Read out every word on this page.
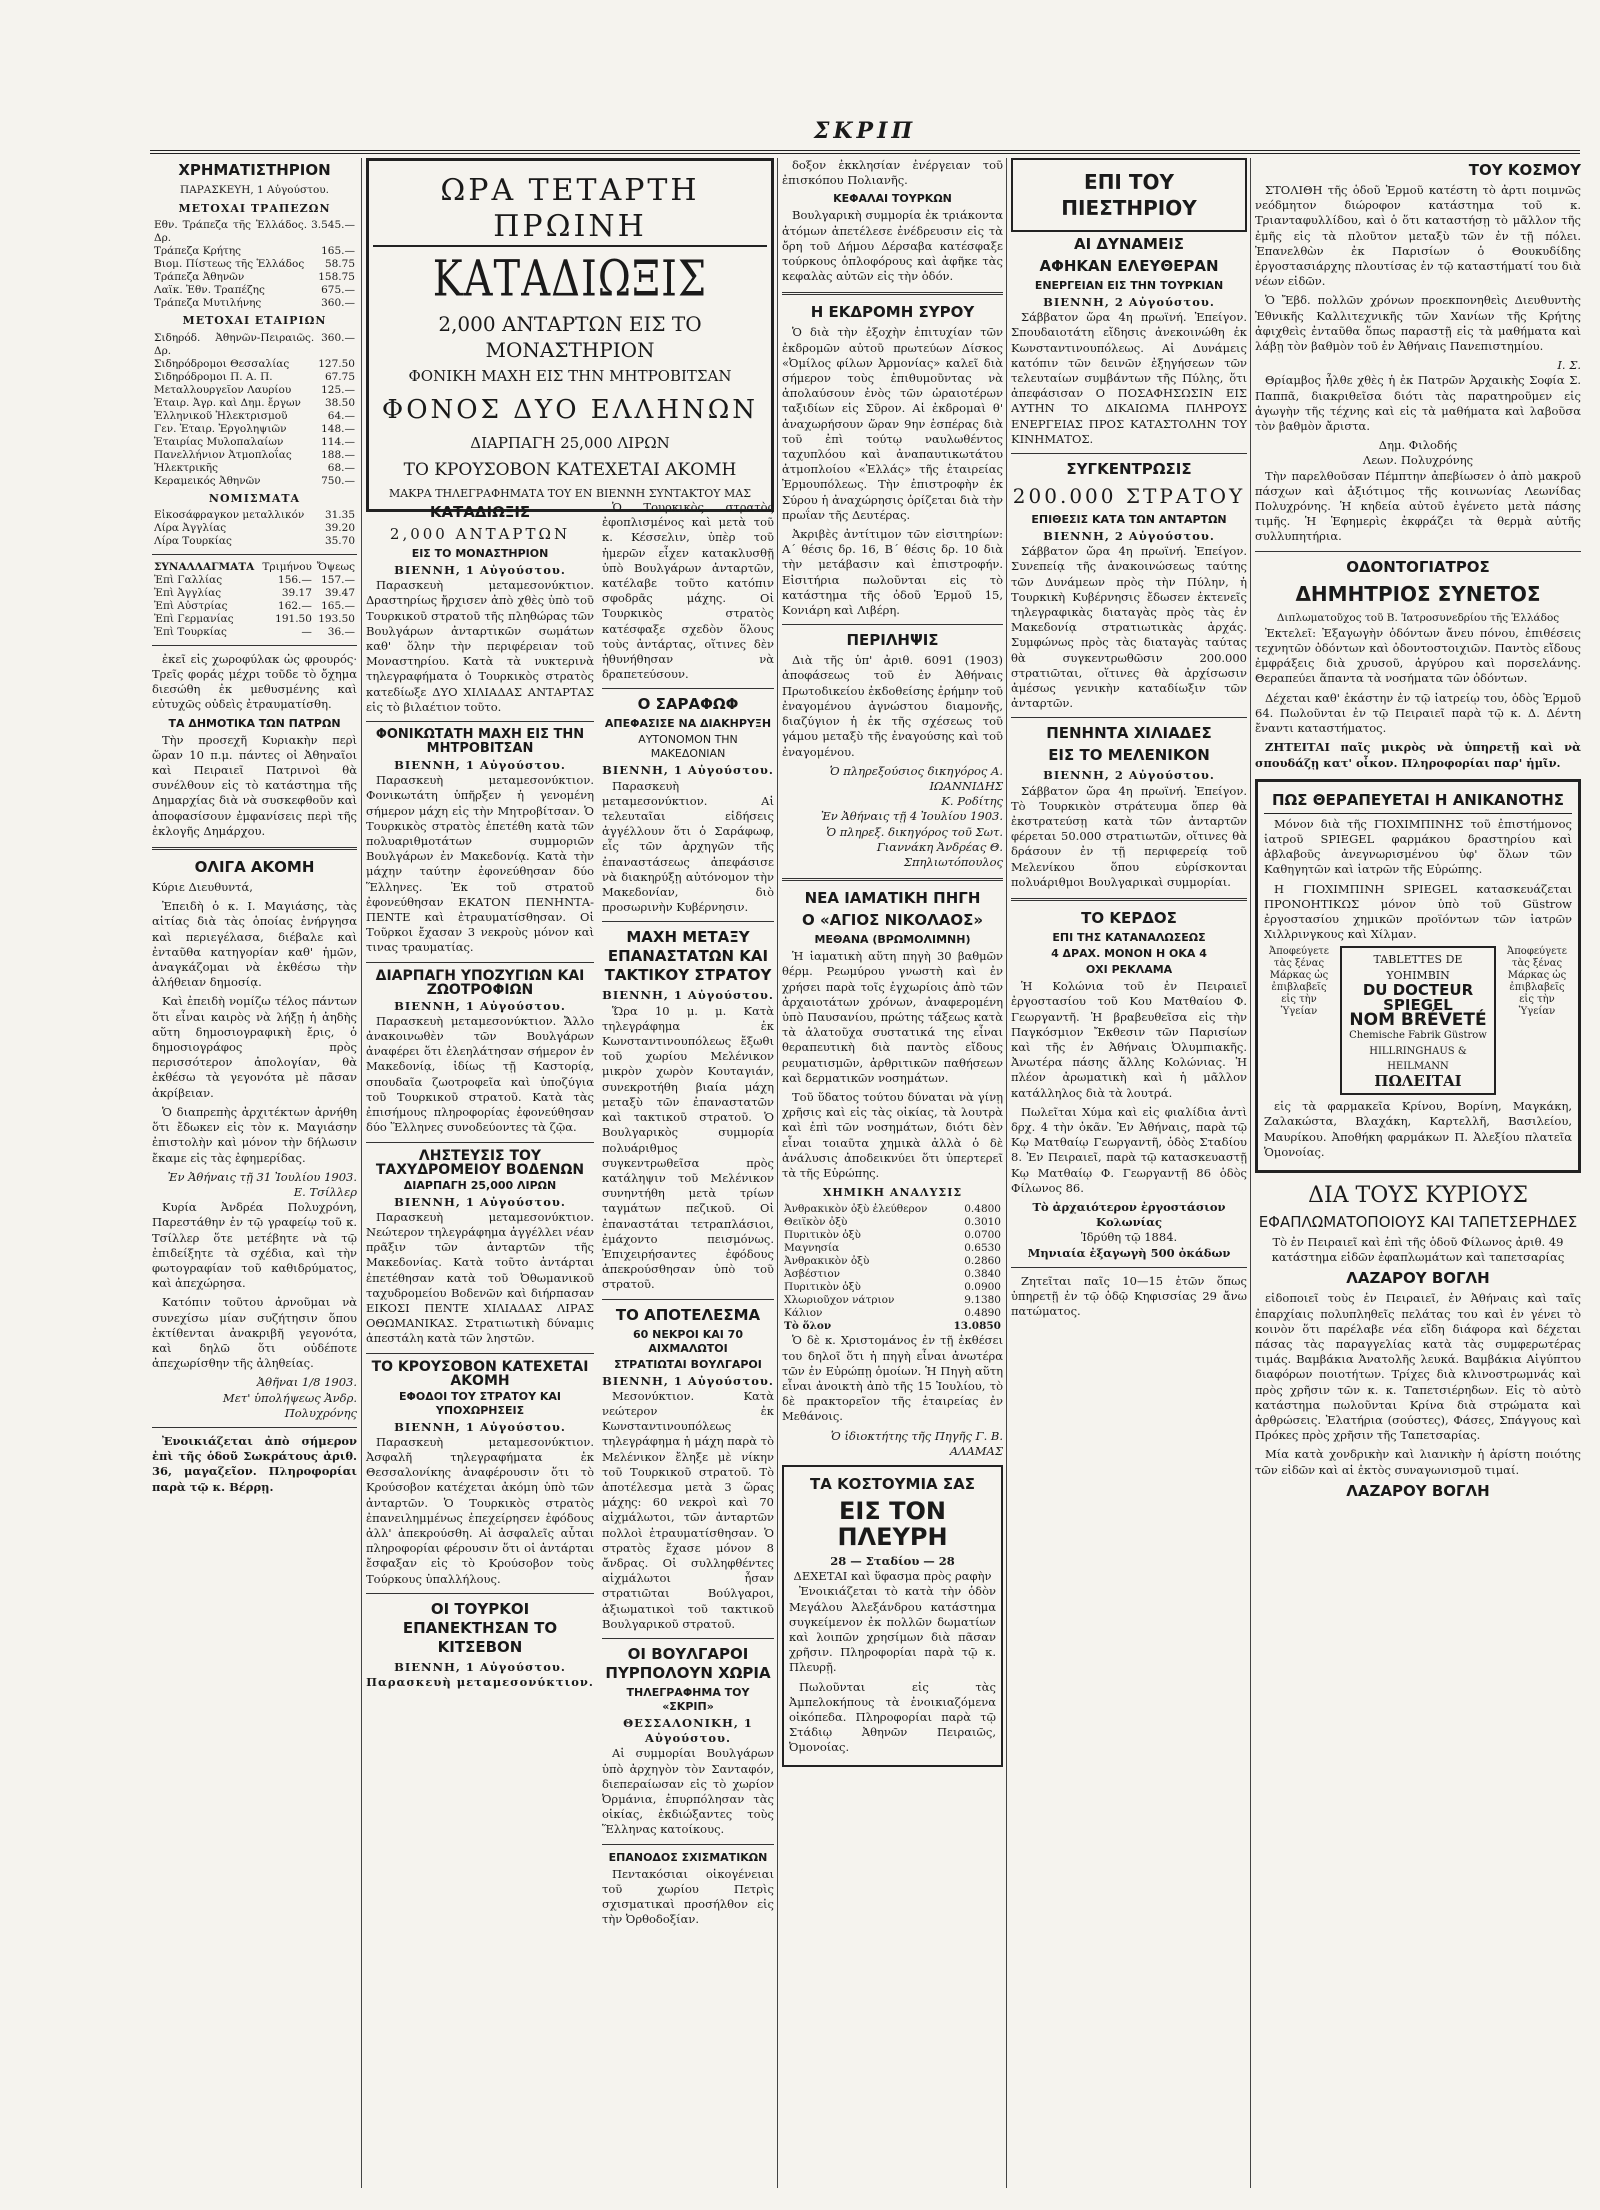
ΣΚΡΙΠ
ΧΡΗΜΑΤΙΣΤΗΡΙΟΝ
ΠΑΡΑΣΚΕΥΗ, 1 Αὐγούστου.
ΜΕΤΟΧΑΙ ΤΡΑΠΕΖΩΝ
Εθν. Τράπεζα τῆς Ἑλλάδος. Δρ.	3.545.—
Τράπεζα Κρήτης	165.—
Βιομ. Πίστεως τῆς Ἑλλάδος	58.75
Τράπεζα Ἀθηνῶν	158.75
Λαϊκ. Ἐθν. Τραπέζης	675.—
Τράπεζα Μυτιλήνης	360.—
ΜΕΤΟΧΑΙ ΕΤΑΙΡΙΩΝ
Σιδηρόδ. Ἀθηνῶν-Πειραιῶς. Δρ.	360.—
Σιδηρόδρομοι Θεσσαλίας	127.50
Σιδηρόδρομοι Π. Α. Π.	67.75
Μεταλλουργεῖον Λαυρίου	125.—
Ἑταιρ. Ἀγρ. καὶ Δημ. ἔργων	38.50
Ἑλληνικοῦ Ἠλεκτρισμοῦ	64.—
Γεν. Ἑταιρ. Ἐργοληψιῶν	148.—
Ἑταιρίας Μυλοπαλαίων	114.—
Πανελλήνιον Ἀτμοπλοΐας	188.—
Ἠλεκτρικῆς	68.—
Κεραμεικός Ἀθηνῶν	750.—
ΝΟΜΙΣΜΑΤΑ
Εἰκοσάφραγκον μεταλλικόν	31.35
Λίρα Ἀγγλίας	39.20
Λίρα Τουρκίας	35.70
ΣΥΝΑΛΛΑΓΜΑΤΑ	Τριμήνου	Ὄψεως
Ἐπὶ Γαλλίας	156.—	157.—
Ἐπὶ Ἀγγλίας	39.17	39.47
Ἐπὶ Αὐστρίας	162.—	165.—
Ἐπὶ Γερμανίας	191.50	193.50
Ἐπὶ Τουρκίας	—	36.—

ἐκεῖ εἰς χωροφύλακ ὡς φρουρός· Τρεῖς φοράς μέχρι τοῦδε τὸ ὄχημα διεσώθη ἐκ μεθυσμένης καὶ εὐτυχῶς οὐδεὶς ἐτραυματίσθη.

ΤΑ ΔΗΜΟΤΙΚΑ ΤΩΝ ΠΑΤΡΩΝ

Τὴν προσεχῆ Κυριακὴν περὶ ὥραν 10 π.μ. πάντες οἱ Ἀθηναῖοι καὶ Πειραιεῖ Πατρινοὶ θὰ συνέλθουν εἰς τὸ κατάστημα τῆς Δημαρχίας διὰ νὰ συσκεφθοῦν καὶ ἀποφασίσουν ἐμφανίσεις περὶ τῆς ἐκλογῆς Δημάρχου.

ΟΛΙΓΑ ΑΚΟΜΗ

Κύριε Διευθυντά,

Ἐπειδὴ ὁ κ. Ι. Μαγιάσης, τὰς αἰτίας διὰ τὰς ὁποίας ἐνήργησα καὶ περιεγέλασα, διέβαλε καὶ ἐνταῦθα κατηγορίαν καθ' ἡμῶν, ἀναγκάζομαι νὰ ἐκθέσω τὴν ἀλήθειαν δημοσίᾳ.

Καὶ ἐπειδὴ νομίζω τέλος πάντων ὅτι εἶναι καιρὸς νὰ λήξῃ ἡ ἀηδὴς αὕτη δημοσιογραφικὴ ἔρις, ὁ δημοσιογράφος πρὸς περισσότερον ἀπολογίαν, θὰ ἐκθέσω τὰ γεγονότα μὲ πᾶσαν ἀκρίβειαν.

Ὁ διαπρεπὴς ἀρχιτέκτων ἀρνήθη ὅτι ἔδωκεν εἰς τὸν κ. Μαγιάσην ἐπιστολὴν καὶ μόνον τὴν δήλωσιν ἔκαμε εἰς τὰς ἐφημερίδας.

Ἐν Ἀθήναις τῇ 31 Ἰουλίου 1903.
Ε. Τσίλλερ

Κυρία Ἀνδρέα Πολυχρόνη, Παρεστάθην ἐν τῷ γραφείῳ τοῦ κ. Τσίλλερ ὅτε μετέβητε νὰ τῷ ἐπιδείξητε τὰ σχέδια, καὶ τὴν φωτογραφίαν τοῦ καθιδρύματος, καὶ ἀπεχώρησα.

Κατόπιν τοῦτου ἀρνοῦμαι νὰ συνεχίσω μίαν συζήτησιν ὅπου ἐκτίθενται ἀνακριβῆ γεγονότα, καὶ δηλῶ ὅτι οὐδέποτε ἀπεχωρίσθην τῆς ἀληθείας.

Ἀθῆναι 1/8 1903.
Μετ' ὑπολήψεως Ἀνδρ. Πολυχρόνης

Ἐνοικιάζεται ἀπὸ σήμερον ἐπὶ τῆς ὁδοῦ Σωκράτους ἀριθ. 36, μαγαζεῖον. Πληροφορίαι παρὰ τῷ κ. Βέρρῃ.

ΩΡΑ ΤΕΤΑΡΤΗ ΠΡΩΙΝΗ
ΚΑΤΑΔΙΩΞΙΣ
2,000 ΑΝΤΑΡΤΩΝ ΕΙΣ ΤΟ ΜΟΝΑΣΤΗΡΙΟΝ
ΦΟΝΙΚΗ ΜΑΧΗ ΕΙΣ ΤΗΝ ΜΗΤΡΟΒΙΤΣΑΝ
ΦΟΝΟΣ ΔΥΟ ΕΛΛΗΝΩΝ
ΔΙΑΡΠΑΓΗ 25,000 ΛΙΡΩΝ
ΤΟ ΚΡΟΥΣΟΒΟΝ ΚΑΤΕΧΕΤΑΙ ΑΚΟΜΗ
ΜΑΚΡΑ ΤΗΛΕΓΡΑΦΗΜΑΤΑ ΤΟΥ ΕΝ ΒΙΕΝΝΗ ΣΥΝΤΑΚΤΟΥ ΜΑΣ
ΚΑΤΑΔΙΩΞΙΣ
2,000 ΑΝΤΑΡΤΩΝ
ΕΙΣ ΤΟ ΜΟΝΑΣΤΗΡΙΟΝ
ΒΙΕΝΝΗ, 1 Αὐγούστου.

Παρασκευὴ μεταμεσονύκτιον. Δραστηρίως ἤρχισεν ἀπὸ χθὲς ὑπὸ τοῦ Τουρκικοῦ στρατοῦ τῆς πληθώρας τῶν Βουλγάρων ἀνταρτικῶν σωμάτων καθ' ὅλην τὴν περιφέρειαν τοῦ Μοναστηρίου. Κατὰ τὰ νυκτερινὰ τηλεγραφήματα ὁ Τουρκικὸς στρατὸς κατεδίωξε ΔΥΟ ΧΙΛΙΑΔΑΣ ΑΝΤΑΡΤΑΣ εἰς τὸ βιλαέτιον τοῦτο.

ΦΟΝΙΚΩΤΑΤΗ ΜΑΧΗ ΕΙΣ ΤΗΝ ΜΗΤΡΟΒΙΤΣΑΝ
ΒΙΕΝΝΗ, 1 Αὐγούστου.

Παρασκευὴ μεταμεσονύκτιον. Φονικωτάτη ὑπῆρξεν ἡ γενομένη σήμερον μάχη εἰς τὴν Μητροβίτσαν. Ὁ Τουρκικὸς στρατὸς ἐπετέθη κατὰ τῶν πολυαριθμοτάτων συμμοριῶν Βουλγάρων ἐν Μακεδονίᾳ. Κατὰ τὴν μάχην ταύτην ἐφονεύθησαν δύο Ἕλληνες. Ἐκ τοῦ στρατοῦ ἐφονεύθησαν ΕΚΑΤΟΝ ΠΕΝΗΝΤΑ-ΠΕΝΤΕ καὶ ἐτραυματίσθησαν. Οἱ Τοῦρκοι ἔχασαν 3 νεκροὺς μόνον καὶ τινας τραυματίας.

ΔΙΑΡΠΑΓΗ ΥΠΟΖΥΓΙΩΝ ΚΑΙ ΖΩΟΤΡΟΦΙΩΝ
ΒΙΕΝΝΗ, 1 Αὐγούστου.

Παρασκευὴ μεταμεσονύκτιον. Ἄλλο ἀνακοινωθὲν τῶν Βουλγάρων ἀναφέρει ὅτι ἐλεηλάτησαν σήμερον ἐν Μακεδονίᾳ, ἰδίως τῇ Καστορίᾳ, σπουδαῖα ζωοτροφεῖα καὶ ὑποζύγια τοῦ Τουρκικοῦ στρατοῦ. Κατὰ τὰς ἐπισήμους πληροφορίας ἐφονεύθησαν δύο Ἕλληνες συνοδεύοντες τὰ ζῷα.

ΛΗΣΤΕΥΣΙΣ ΤΟΥ ΤΑΧΥΔΡΟΜΕΙΟΥ ΒΟΔΕΝΩΝ
ΔΙΑΡΠΑΓΗ 25,000 ΛΙΡΩΝ
ΒΙΕΝΝΗ, 1 Αὐγούστου.

Παρασκευὴ μεταμεσονύκτιον. Νεώτερον τηλεγράφημα ἀγγέλλει νέαν πρᾶξιν τῶν ἀνταρτῶν τῆς Μακεδονίας. Κατὰ τοῦτο ἀντάρται ἐπετέθησαν κατὰ τοῦ Ὀθωμανικοῦ ταχυδρομείου Βοδενῶν καὶ διήρπασαν ΕΙΚΟΣΙ ΠΕΝΤΕ ΧΙΛΙΑΔΑΣ ΛΙΡΑΣ ΟΘΩΜΑΝΙΚΑΣ. Στρατιωτικὴ δύναμις ἀπεστάλη κατὰ τῶν ληστῶν.

ΤΟ ΚΡΟΥΣΟΒΟΝ ΚΑΤΕΧΕΤΑΙ ΑΚΟΜΗ
ΕΦΟΔΟΙ ΤΟΥ ΣΤΡΑΤΟΥ ΚΑΙ ΥΠΟΧΩΡΗΣΕΙΣ
ΒΙΕΝΝΗ, 1 Αὐγούστου.

Παρασκευὴ μεταμεσονύκτιον. Ἀσφαλῆ τηλεγραφήματα ἐκ Θεσσαλονίκης ἀναφέρουσιν ὅτι τὸ Κρούσοβον κατέχεται ἀκόμη ὑπὸ τῶν ἀνταρτῶν. Ὁ Τουρκικὸς στρατὸς ἐπανειλημμένως ἐπεχείρησεν ἐφόδους ἀλλ' ἀπεκρούσθη. Αἱ ἀσφαλεῖς αὗται πληροφορίαι φέρουσιν ὅτι οἱ ἀντάρται ἔσφαξαν εἰς τὸ Κρούσοβον τοὺς Τούρκους ὑπαλλήλους.

ΟΙ ΤΟΥΡΚΟΙ ΕΠΑΝΕΚΤΗΣΑΝ ΤΟ ΚΙΤΣΕΒΟΝ
ΒΙΕΝΝΗ, 1 Αὐγούστου. Παρασκευὴ μεταμεσονύκτιον.

Ὁ Τουρκικὸς στρατὸς ἐφοπλισμένος καὶ μετὰ τοῦ κ. Κέσσελιν, ὑπὲρ τοῦ ἡμερῶν εἶχεν κατακλυσθῇ ὑπὸ Βουλγάρων ἀνταρτῶν, κατέλαβε τοῦτο κατόπιν σφοδρᾶς μάχης. Οἱ Τουρκικὸς στρατὸς κατέσφαξε σχεδὸν ὅλους τοὺς ἀντάρτας, οἵτινες δὲν ἠθυνήθησαν νὰ δραπετεύσουν.

Ο ΣΑΡΑΦΩΦ
ΑΠΕΦΑΣΙΣΕ ΝΑ ΔΙΑΚΗΡΥΞΗ
ΑΥΤΟΝΟΜΟΝ ΤΗΝ ΜΑΚΕΔΟΝΙΑΝ
ΒΙΕΝΝΗ, 1 Αὐγούστου.

Παρασκευὴ μεταμεσονύκτιον. Αἱ τελευταῖαι εἰδήσεις ἀγγέλλουν ὅτι ὁ Σαράφωφ, εἷς τῶν ἀρχηγῶν τῆς ἐπαναστάσεως ἀπεφάσισε νὰ διακηρύξῃ αὐτόνομον τὴν Μακεδονίαν, διὸ προσωρινὴν Κυβέρνησιν.

ΜΑΧΗ ΜΕΤΑΞΥ ΕΠΑΝΑΣΤΑΤΩΝ ΚΑΙ ΤΑΚΤΙΚΟΥ ΣΤΡΑΤΟΥ
ΒΙΕΝΝΗ, 1 Αὐγούστου.

Ὥρα 10 μ. μ. Κατὰ τηλεγράφημα ἐκ Κωνσταντινουπόλεως ἔξωθι τοῦ χωρίου Μελένικον μικρὸν χωρὸν Κουταγιάν, συνεκροτήθη βιαία μάχη μεταξὺ τῶν ἐπαναστατῶν καὶ τακτικοῦ στρατοῦ. Ὁ Βουλγαρικὸς συμμορία πολυάριθμος συγκεντρωθεῖσα πρὸς κατάληψιν τοῦ Μελένικον συνηντήθη μετὰ τρίων ταγμάτων πεζικοῦ. Οἱ ἐπαναστάται τετραπλάσιοι, ἐμάχοντο πεισμόνως. Ἐπιχειρήσαντες ἐφόδους ἀπεκρούσθησαν ὑπὸ τοῦ στρατοῦ.

ΤΟ ΑΠΟΤΕΛΕΣΜΑ
60 ΝΕΚΡΟΙ ΚΑΙ 70 ΑΙΧΜΑΛΩΤΟΙ
ΣΤΡΑΤΙΩΤΑΙ ΒΟΥΛΓΑΡΟΙ
ΒΙΕΝΝΗ, 1 Αὐγούστου.

Μεσονύκτιον. Κατὰ νεώτερον ἐκ Κωνσταντινουπόλεως τηλεγράφημα ἡ μάχη παρὰ τὸ Μελένικον ἔληξε μὲ νίκην τοῦ Τουρκικοῦ στρατοῦ. Τὸ ἀποτέλεσμα μετὰ 3 ὥρας μάχης: 60 νεκροὶ καὶ 70 αἰχμάλωτοι, τῶν ἀνταρτῶν πολλοὶ ἐτραυματίσθησαν. Ὁ στρατὸς ἔχασε μόνον 8 ἄνδρας. Οἱ συλληφθέντες αἰχμάλωτοι ἦσαν στρατιῶται Βούλγαροι, ἀξιωματικοὶ τοῦ τακτικοῦ Βουλγαρικοῦ στρατοῦ.

ΟΙ ΒΟΥΛΓΑΡΟΙ ΠΥΡΠΟΛΟΥΝ ΧΩΡΙΑ
ΤΗΛΕΓΡΑΦΗΜΑ ΤΟΥ «ΣΚΡΙΠ»
ΘΕΣΣΑΛΟΝΙΚΗ, 1 Αὐγούστου.

Αἱ συμμορίαι Βουλγάρων ὑπὸ ἀρχηγὸν τὸν Σανταφόν, διεπεραίωσαν εἰς τὸ χωρίον Ὀρμάνια, ἐπυρπόλησαν τὰς οἰκίας, ἐκδιώξαντες τοὺς Ἕλληνας κατοίκους.

ΕΠΑΝΟΔΟΣ ΣΧΙΣΜΑΤΙΚΩΝ

Πεντακόσιαι οἰκογένειαι τοῦ χωρίου Πετρὶς σχισματικαὶ προσήλθον εἰς τὴν Ὀρθοδοξίαν.

δοξον ἐκκλησίαν ἐνέργειαν τοῦ ἐπισκόπου Πολιανῆς.

ΚΕΦΑΛΑΙ ΤΟΥΡΚΩΝ

Βουλγαρικὴ συμμορία ἐκ τριάκοντα ἀτόμων ἀπετέλεσε ἐνέδρευσιν εἰς τὰ ὄρη τοῦ Δήμου Δέρσαβα κατέσφαξε τούρκους ὁπλοφόρους καὶ ἀφῆκε τὰς κεφαλὰς αὐτῶν εἰς τὴν ὁδόν.

Η ΕΚΔΡΟΜΗ ΣΥΡΟΥ

Ὁ διὰ τὴν ἐξοχὴν ἐπιτυχίαν τῶν ἐκδρομῶν αὐτοῦ πρωτεύων Δίσκος «Ὀμίλος φίλων Ἀρμονίας» καλεῖ διὰ σήμερον τοὺς ἐπιθυμοῦντας νὰ ἀπολαύσουν ἐνὸς τῶν ὡραιοτέρων ταξιδίων εἰς Σῦρον. Αἱ ἐκδρομαὶ θ' ἀναχωρήσουν ὥραν 9ην ἑσπέρας διὰ τοῦ ἐπὶ τούτῳ ναυλωθέντος ταχυπλόου καὶ ἀναπαυτικωτάτου ἀτμοπλοίου «Ἑλλάς» τῆς ἑταιρείας Ἐρμουπόλεως. Τὴν ἐπιστροφὴν ἐκ Σύρου ἡ ἀναχώρησις ὁρίζεται διὰ τὴν πρωΐαν τῆς Δευτέρας.

Ἀκριβὲς ἀντίτιμον τῶν εἰσιτηρίων: Α΄ θέσις δρ. 16, Β΄ θέσις δρ. 10 διὰ τὴν μετάβασιν καὶ ἐπιστροφήν. Εἰσιτήρια πωλοῦνται εἰς τὸ κατάστημα τῆς ὁδοῦ Ἑρμοῦ 15, Κονιάρη καὶ Λιβέρη.

ΠΕΡΙΛΗΨΙΣ

Διὰ τῆς ὑπ' ἀριθ. 6091 (1903) ἀποφάσεως τοῦ ἐν Ἀθήναις Πρωτοδικείου ἐκδοθείσης ἐρήμην τοῦ ἐναγομένου ἀγνώστου διαμονῆς, διαζύγιον ἠ ἐκ τῆς σχέσεως τοῦ γάμου μεταξὺ τῆς ἐναγούσης καὶ τοῦ ἐναγομένου.

Ὁ πληρεξούσιος δικηγόρος Α. ΙΩΑΝΝΙΔΗΣ
Κ. Ροδίτης
Ἐν Ἀθήναις τῇ 4 Ἰουλίου 1903.
Ὁ πληρεξ. δικηγόρος τοῦ Σωτ. Γιαννάκη Ἀνδρέας Θ. Σπηλιωτόπουλος
ΝΕΑ ΙΑΜΑΤΙΚΗ ΠΗΓΗ
Ο «ΑΓΙΟΣ ΝΙΚΟΛΑΟΣ»
ΜΕΘΑΝΑ (ΒΡΩΜΟΛΙΜΝΗ)

Ἡ ἰαματικὴ αὕτη πηγὴ 30 βαθμῶν θέρμ. Ρεωμύρου γνωστὴ καὶ ἐν χρήσει παρὰ τοῖς ἐγχωρίοις ἀπὸ τῶν ἀρχαιοτάτων χρόνων, ἀναφερομένη ὑπὸ Παυσανίου, πρώτης τάξεως κατὰ τὰ ἁλατοῦχα συστατικά της εἶναι θεραπευτικὴ διὰ παντὸς εἴδους ρευματισμῶν, ἀρθριτικῶν παθήσεων καὶ δερματικῶν νοσημάτων.

Τοῦ ὕδατος τούτου δύναται νὰ γίνῃ χρῆσις καὶ εἰς τὰς οἰκίας, τὰ λουτρὰ καὶ ἐπὶ τῶν νοσημάτων, διότι δὲν εἶναι τοιαῦτα χημικὰ ἀλλὰ ὁ δὲ ἀνάλυσις ἀποδεικνύει ὅτι ὑπερτερεῖ τὰ τῆς Εὐρώπης.

ΧΗΜΙΚΗ ΑΝΑΛΥΣΙΣ
Ἀνθρακικὸν ὀξὺ ἐλεύθερον	0.4800
Θειϊκὸν ὀξὺ	0.3010
Πυριτικὸν ὀξὺ	0.0700
Μαγνησία	0.6530
Ἀνθρακικὸν ὀξὺ	0.2860
Ἀσβέστιον	0.3840
Πυριτικὸν ὀξὺ	0.0900
Χλωριοῦχον νάτριον	9.1380
Κάλιον	0.4890
Τὸ ὅλον	13.0850

Ὁ δὲ κ. Χριστομάνος ἐν τῇ ἐκθέσει του δηλοῖ ὅτι ἡ πηγὴ εἶναι ἀνωτέρα τῶν ἐν Εὐρώπῃ ὁμοίων. Ἡ Πηγὴ αὕτη εἶναι ἀνοικτὴ ἀπὸ τῆς 15 Ἰουλίου, τὸ δὲ πρακτορεῖον τῆς ἑταιρείας ἐν Μεθάνοις.

Ὁ ἰδιοκτήτης τῆς Πηγῆς Γ. Β. ΑΛΑΜΑΣ
ΤΑ ΚΟΣΤΟΥΜΙΑ ΣΑΣ
ΕΙΣ ΤΟΝ ΠΛΕΥΡΗ
28 — Σταδίου — 28
ΔΕΧΕΤΑΙ καὶ ὕφασμα πρὸς ραφὴν

Ἐνοικιάζεται τὸ κατὰ τὴν ὁδὸν Μεγάλου Ἀλεξάνδρου κατάστημα συγκείμενον ἐκ πολλῶν δωματίων καὶ λοιπῶν χρησίμων διὰ πᾶσαν χρῆσιν. Πληροφορίαι παρὰ τῷ κ. Πλευρῇ.

Πωλοῦνται εἰς τὰς Ἀμπελοκήπους τὰ ἐνοικιαζόμενα οἰκόπεδα. Πληροφορίαι παρὰ τῷ Στάδιῳ Ἀθηνῶν Πειραιῶς, Ὀμονοίας.

ΕΠΙ ΤΟΥ ΠΙΕΣΤΗΡΙΟΥ
ΑΙ ΔΥΝΑΜΕΙΣ
ΑΦΗΚΑΝ ΕΛΕΥΘΕΡΑΝ
ΕΝΕΡΓΕΙΑΝ ΕΙΣ ΤΗΝ ΤΟΥΡΚΙΑΝ
ΒΙΕΝΝΗ, 2 Αὐγούστου.

Σάββατον ὥρα 4η πρωϊνή. Ἐπείγον. Σπουδαιοτάτη εἴδησις ἀνεκοινώθη ἐκ Κωνσταντινουπόλεως. Αἱ Δυνάμεις κατόπιν τῶν δεινῶν ἐξηγήσεων τῶν τελευταίων συμβάντων τῆς Πύλης, ὅτι ἀπεφάσισαν Ο ΠΟΣΑΦΗΣΩΣΙΝ ΕΙΣ ΑΥΤΗΝ ΤΟ ΔΙΚΑΙΩΜΑ ΠΛΗΡΟΥΣ ΕΝΕΡΓΕΙΑΣ ΠΡΟΣ ΚΑΤΑΣΤΟΛΗΝ ΤΟΥ ΚΙΝΗΜΑΤΟΣ.

ΣΥΓΚΕΝΤΡΩΣΙΣ
200.000 ΣΤΡΑΤΟΥ
ΕΠΙΘΕΣΙΣ ΚΑΤΑ ΤΩΝ ΑΝΤΑΡΤΩΝ
ΒΙΕΝΝΗ, 2 Αὐγούστου.

Σάββατον ὥρα 4η πρωϊνή. Ἐπείγον. Συνεπείᾳ τῆς ἀνακοινώσεως ταύτης τῶν Δυνάμεων πρὸς τὴν Πύλην, ἡ Τουρκικὴ Κυβέρνησις ἔδωσεν ἐκτενεῖς τηλεγραφικὰς διαταγὰς πρὸς τὰς ἐν Μακεδονίᾳ στρατιωτικὰς ἀρχάς. Συμφώνως πρὸς τὰς διαταγὰς ταύτας θὰ συγκεντρωθῶσιν 200.000 στρατιῶται, οἵτινες θὰ ἀρχίσωσιν ἀμέσως γενικὴν καταδίωξιν τῶν ἀνταρτῶν.

ΠΕΝΗΝΤΑ ΧΙΛΙΑΔΕΣ
ΕΙΣ ΤΟ ΜΕΛΕΝΙΚΟΝ
ΒΙΕΝΝΗ, 2 Αὐγούστου.

Σάββατον ὥρα 4η πρωϊνή. Ἐπείγον. Τὸ Τουρκικὸν στράτευμα ὅπερ θὰ ἐκστρατεύσῃ κατὰ τῶν ἀνταρτῶν φέρεται 50.000 στρατιωτῶν, οἵτινες θὰ δράσουν ἐν τῇ περιφερείᾳ τοῦ Μελενίκου ὅπου εὑρίσκονται πολυάριθμοι Βουλγαρικαὶ συμμορίαι.

ΤΟ ΚΕΡΔΟΣ
ΕΠΙ ΤΗΣ ΚΑΤΑΝΑΛΩΣΕΩΣ
4 ΔΡΑΧ. ΜΟΝΟΝ Η ΟΚΑ 4
ΟΧΙ ΡΕΚΛΑΜΑ

Ἡ Κολώνια τοῦ ἐν Πειραιεῖ ἐργοστασίου τοῦ Κου Ματθαίου Φ. Γεωργαντῆ. Ἡ βραβευθεῖσα εἰς τὴν Παγκόσμιον Ἔκθεσιν τῶν Παρισίων καὶ τῆς ἐν Ἀθήναις Ὀλυμπιακῆς. Ἀνωτέρα πάσης ἄλλης Κολώνιας. Ἡ πλέον ἀρωματικὴ καὶ ἡ μᾶλλον κατάλληλος διὰ τὰ λουτρά.

Πωλεῖται Χύμα καὶ εἰς φιαλίδια ἀντὶ δρχ. 4 τὴν ὀκᾶν. Ἐν Ἀθήναις, παρὰ τῷ Κῳ Ματθαίῳ Γεωργαντῆ, ὁδὸς Σταδίου 8. Ἐν Πειραιεῖ, παρὰ τῷ κατασκευαστῇ Κῳ Ματθαίῳ Φ. Γεωργαντῇ 86 ὁδὸς Φίλωνος 86.

Τὸ ἀρχαιότερον ἐργοστάσιον Κολωνίας
Ἱδρύθη τῷ 1884.
Μηνιαία ἐξαγωγὴ 500 ὀκάδων

Ζητεῖται παῖς 10—15 ἐτῶν ὅπως ὑπηρετῇ ἐν τῷ ὁδῷ Κηφισσίας 29 ἄνω πατώματος.

ΤΟΥ ΚΟΣΜΟΥ

ΣΤΟΛΙΘΗ τῆς ὁδοῦ Ἑρμοῦ κατέστη τὸ ἀρτι ποιμνῶς νεόδμητον διώροφον κατάστημα τοῦ κ. Τριανταφυλλίδου, καὶ ὁ ὅτι καταστήσῃ τὸ μᾶλλον τῆς ἐμῆς εἰς τὰ πλοῦτον μεταξὺ τῶν ἐν τῇ πόλει. Ἐπανελθὼν ἐκ Παρισίων ὁ Θουκυδίδης ἐργοστασιάρχης πλουτίσας ἐν τῷ καταστήματί του διὰ νέων εἰδῶν.

Ὁ Ἔβδ. πολλῶν χρόνων προεκπονηθεὶς Διευθυντὴς Ἐθνικῆς Καλλιτεχνικῆς τῶν Χανίων τῆς Κρήτης ἀφιχθεὶς ἐνταῦθα ὅπως παραστῇ εἰς τὰ μαθήματα καὶ λάβῃ τὸν βαθμὸν τοῦ ἐν Ἀθήναις Πανεπιστημίου.

Ι. Σ.

Θρίαμβος ἦλθε χθὲς ἡ ἐκ Πατρῶν Ἀρχαικὴς Σοφία Σ. Παππᾶ, διακριθεῖσα διότι τὰς παρατηροῦμεν εἰς ἀγωγὴν τῆς τέχνης καὶ εἰς τὰ μαθήματα καὶ λαβοῦσα τὸν βαθμὸν ἄριστα.

Δημ. Φιλοδής
Λεων. Πολυχρόνης

Τὴν παρελθοῦσαν Πέμπτην ἀπεβίωσεν ὁ ἀπὸ μακροῦ πάσχων καὶ ἀξιότιμος τῆς κοινωνίας Λεωνίδας Πολυχρόνης. Ἡ κηδεία αὐτοῦ ἐγένετο μετὰ πάσης τιμῆς. Ἡ Ἐφημερὶς ἐκφράζει τὰ θερμὰ αὐτῆς συλλυπητήρια.

ΟΔΟΝΤΟΓΙΑΤΡΟΣ
ΔΗΜΗΤΡΙΟΣ ΣΥΝΕΤΟΣ
Διπλωματοῦχος τοῦ Β. Ἰατροσυνεδρίου τῆς Ἑλλάδος

Ἐκτελεῖ: Ἐξαγωγὴν ὀδόντων ἄνευ πόνου, ἐπιθέσεις τεχνητῶν ὀδόντων καὶ ὀδοντοστοιχιῶν. Παντὸς εἴδους ἐμφράξεις διὰ χρυσοῦ, ἀργύρου καὶ πορσελάνης. Θεραπεύει ἅπαντα τὰ νοσήματα τῶν ὀδόντων.

Δέχεται καθ' ἑκάστην ἐν τῷ ἰατρείῳ του, ὁδὸς Ἑρμοῦ 64. Πωλοῦνται ἐν τῷ Πειραιεῖ παρὰ τῷ κ. Δ. Δέντη ἔναντι καταστήματος.

ΖΗΤΕΙΤΑΙ παῖς μικρὸς νὰ ὑπηρετῇ καὶ νὰ σπουδάζῃ κατ' οἶκον. Πληροφορίαι παρ' ἡμῖν.

ΠΩΣ ΘΕΡΑΠΕΥΕΤΑΙ Η ΑΝΙΚΑΝΟΤΗΣ

Μόνον διὰ τῆς ΓΙΟΧΙΜΠΙΝΗΣ τοῦ ἐπιστήμονος ἰατροῦ SPIEGEL φαρμάκου δραστηρίου καὶ ἀβλαβοῦς ἀνεγνωρισμένου ὑφ' ὅλων τῶν Καθηγητῶν καὶ ἰατρῶν τῆς Εὐρώπης.

Η ΓΙΟΧΙΜΠΙΝΗ SPIEGEL κατασκευάζεται ΠΡΟΝΟΗΤΙΚΩΣ μόνον ὑπὸ τοῦ Güstrow ἐργοστασίου χημικῶν προϊόντων τῶν ἰατρῶν Χιλλρινγκους καὶ Χίλμαν.

Ἀποφεύγετε τὰς ξένας Μάρκας ὡς ἐπιβλαβεῖς εἰς τὴν Ὑγείαν
TABLETTES DE YOHIMBIN
DU DOCTEUR SPIEGEL
NOM BRÉVETÉ
Chemische Fabrik Güstrow
HILLRINGHAUS & HEILMANN
ΠΩΛΕΙΤΑΙ
Ἀποφεύγετε τὰς ξένας Μάρκας ὡς ἐπιβλαβεῖς εἰς τὴν Ὑγείαν

εἰς τὰ φαρμακεῖα Κρίνου, Βορίνη, Μαγκάκη, Ζαλακώστα, Βλαχάκη, Καρτελλῆ, Βασιλείου, Μαυρίκου. Ἀποθήκη φαρμάκων Π. Ἀλεξίου πλατεῖα Ὁμονοίας.

ΔΙΑ ΤΟΥΣ ΚΥΡΙΟΥΣ
ΕΦΑΠΛΩΜΑΤΟΠΟΙΟΥΣ ΚΑΙ ΤΑΠΕΤΣΕΡΗΔΕΣ

Τὸ ἐν Πειραιεῖ καὶ ἐπὶ τῆς ὁδοῦ Φίλωνος ἀριθ. 49 κατάστημα εἰδῶν ἐφαπλωμάτων καὶ ταπετσαρίας

ΛΑΖΑΡΟΥ ΒΟΓΛΗ

εἰδοποιεῖ τοὺς ἐν Πειραιεῖ, ἐν Ἀθήναις καὶ ταῖς ἐπαρχίαις πολυπληθεῖς πελάτας του καὶ ἐν γένει τὸ κοινὸν ὅτι παρέλαβε νέα εἴδη διάφορα καὶ δέχεται πάσας τὰς παραγγελίας κατὰ τὰς συμφερωτέρας τιμάς. Βαμβάκια Ἀνατολῆς λευκά. Βαμβάκια Αἰγύπτου διαφόρων ποιοτήτων. Τρίχες διὰ κλινοστρωμνάς καὶ πρὸς χρῆσιν τῶν κ. κ. Ταπετσιέρηδων. Εἰς τὸ αὐτὸ κατάστημα πωλοῦνται Κρίνα διὰ στρώματα καὶ ἀρθρώσεις. Ἐλατήρια (σούστες), Φάσες, Σπάγγους καὶ Πρόκες πρὸς χρῆσιν τῆς Ταπετσαρίας.

Μία κατὰ χονδρικὴν καὶ λιανικὴν ἡ ἀρίστη ποιότης τῶν εἰδῶν καὶ αἱ ἐκτὸς συναγωνισμοῦ τιμαί.

ΛΑΖΑΡΟΥ ΒΟΓΛΗ
